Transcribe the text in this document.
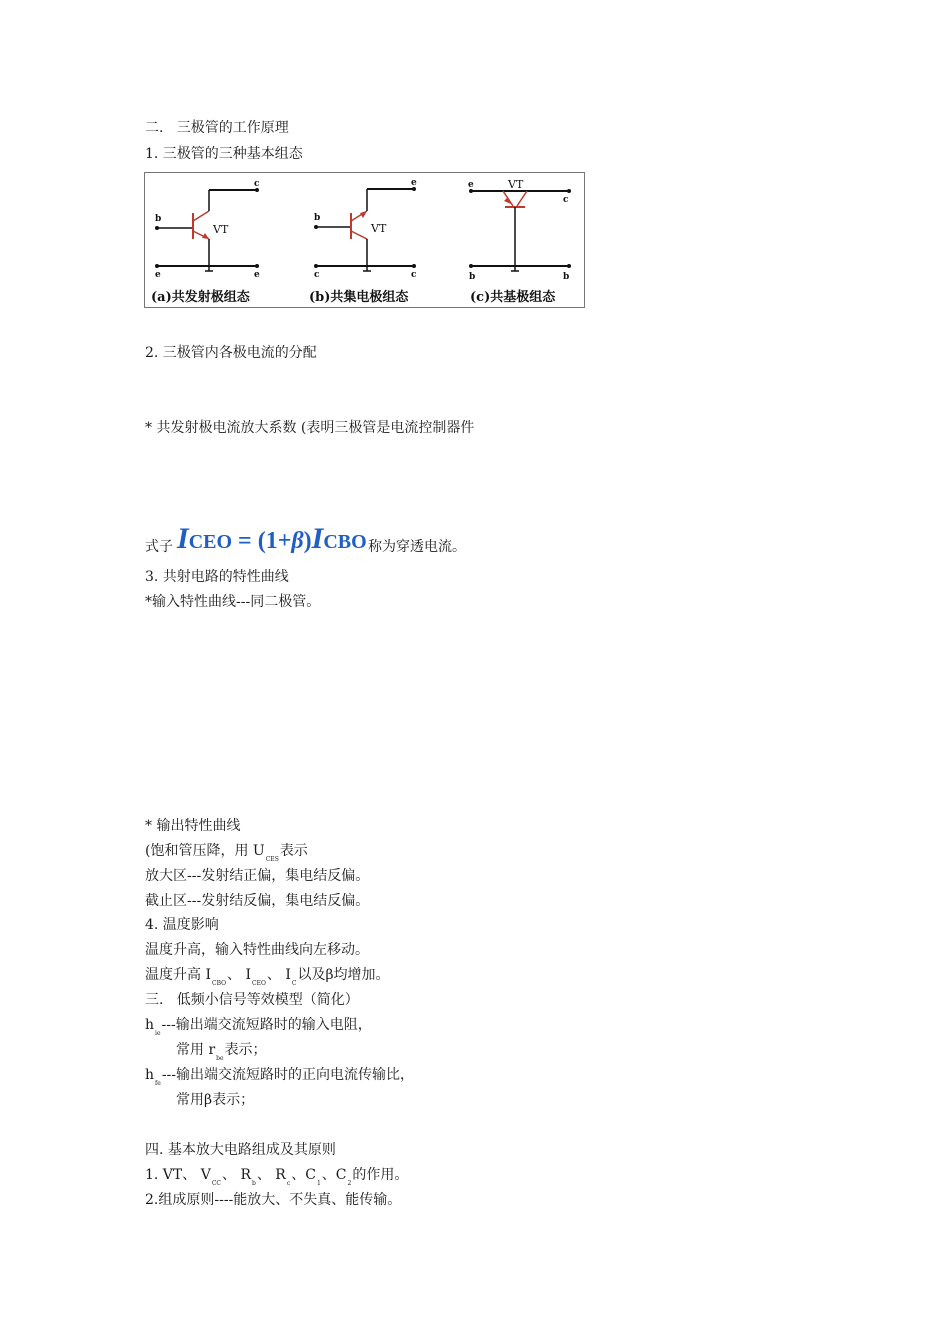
二.   三极管的工作原理
1. 三极管的三种基本组态
b
c
e	e
VT
b
e
c	c
VT
e
c
b	b
VT
(a)共发射极组态	(b)共集电极组态	(c)共基极组态
2. 三极管内各极电流的分配
* 共发射极电流放大系数 (表明三极管是电流控制器件
式子	称为穿透电流。
ICEO = (1+β)ICBO
3. 共射电路的特性曲线
*输入特性曲线---同二极管。
* 输出特性曲线
(饱和管压降，用 $U_{CES}$表示
放大区---发射结正偏，集电结反偏。
截止区---发射结反偏，集电结反偏。
4. 温度影响
温度升高，输入特性曲线向左移动。
温度升高 $I_{CBO}$、 $I_{CEO}$、 $I_C$以及β均增加。
三.   低频小信号等效模型（简化）
$h_{ie}---$输出端交流短路时的输入电阻，
常用 $r_{be}$表示；
$h_{fe}---$输出端交流短路时的正向电流传输比，
常用β表示；
四. 基本放大电路组成及其原则
1. VT、 $V_{CC}$、 $R_b$、 $R_c$、$C_1$、$C_2$的作用。
2.组成原则----能放大、不失真、能传输。
